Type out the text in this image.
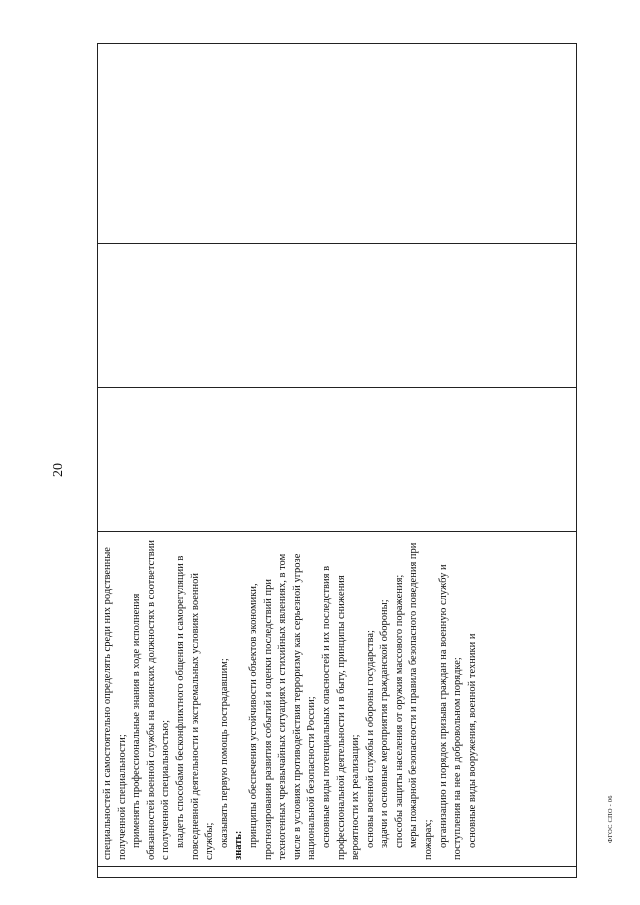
20

специальностей и самостоятельно определять среди них родственные полученной специальности; применять профессиональные знания в ходе исполнения обязанностей военной службы на воинских должностях в соответствии с полученной специальностью; владеть способами бесконфликтного общения и саморегуляции в повседневной деятельности и экстремальных условиях военной службы; оказывать первую помощь пострадавшим; знать: принципы обеспечения устойчивости объектов экономики, прогнозирования развития событий и оценки последствий при техногенных чрезвычайных ситуациях и стихийных явлениях, в том числе в условиях противодействия терроризму как серьезной угрозе национальной безопасности России; основные виды потенциальных опасностей и их последствия в профессиональной деятельности и в быту, принципы снижения вероятности их реализации; основы военной службы и обороны государства; задачи и основные мероприятия гражданской обороны; способы защиты населения от оружия массового поражения; меры пожарной безопасности и правила безопасного поведения при пожарах; организацию и порядок призыва граждан на военную службу и поступления на нее в добровольном порядке; основные виды вооружения, военной техники и	ФГОС СПО - 06
